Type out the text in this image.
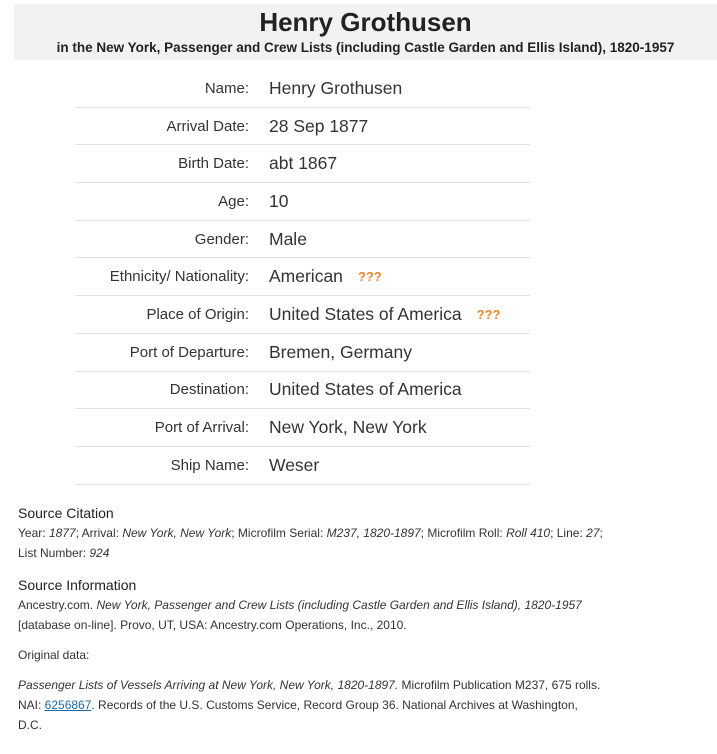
Henry Grothusen
in the New York, Passenger and Crew Lists (including Castle Garden and Ellis Island), 1820-1957
Name:	Henry Grothusen
Arrival Date:	28 Sep 1877
Birth Date:	abt 1867
Age:	10
Gender:	Male
Ethnicity/ Nationality:	American ???
Place of Origin:	United States of America ???
Port of Departure:	Bremen, Germany
Destination:	United States of America
Port of Arrival:	New York, New York
Ship Name:	Weser
Source Citation

Year: 1877; Arrival: New York, New York; Microfilm Serial: M237, 1820-1897; Microfilm Roll: Roll 410; Line: 27;

List Number: 924

Source Information

Ancestry.com. New York, Passenger and Crew Lists (including Castle Garden and Ellis Island), 1820-1957

[database on-line]. Provo, UT, USA: Ancestry.com Operations, Inc., 2010.

Original data:

Passenger Lists of Vessels Arriving at New York, New York, 1820-1897. Microfilm Publication M237, 675 rolls.

NAI: 6256867. Records of the U.S. Customs Service, Record Group 36. National Archives at Washington,

D.C.
